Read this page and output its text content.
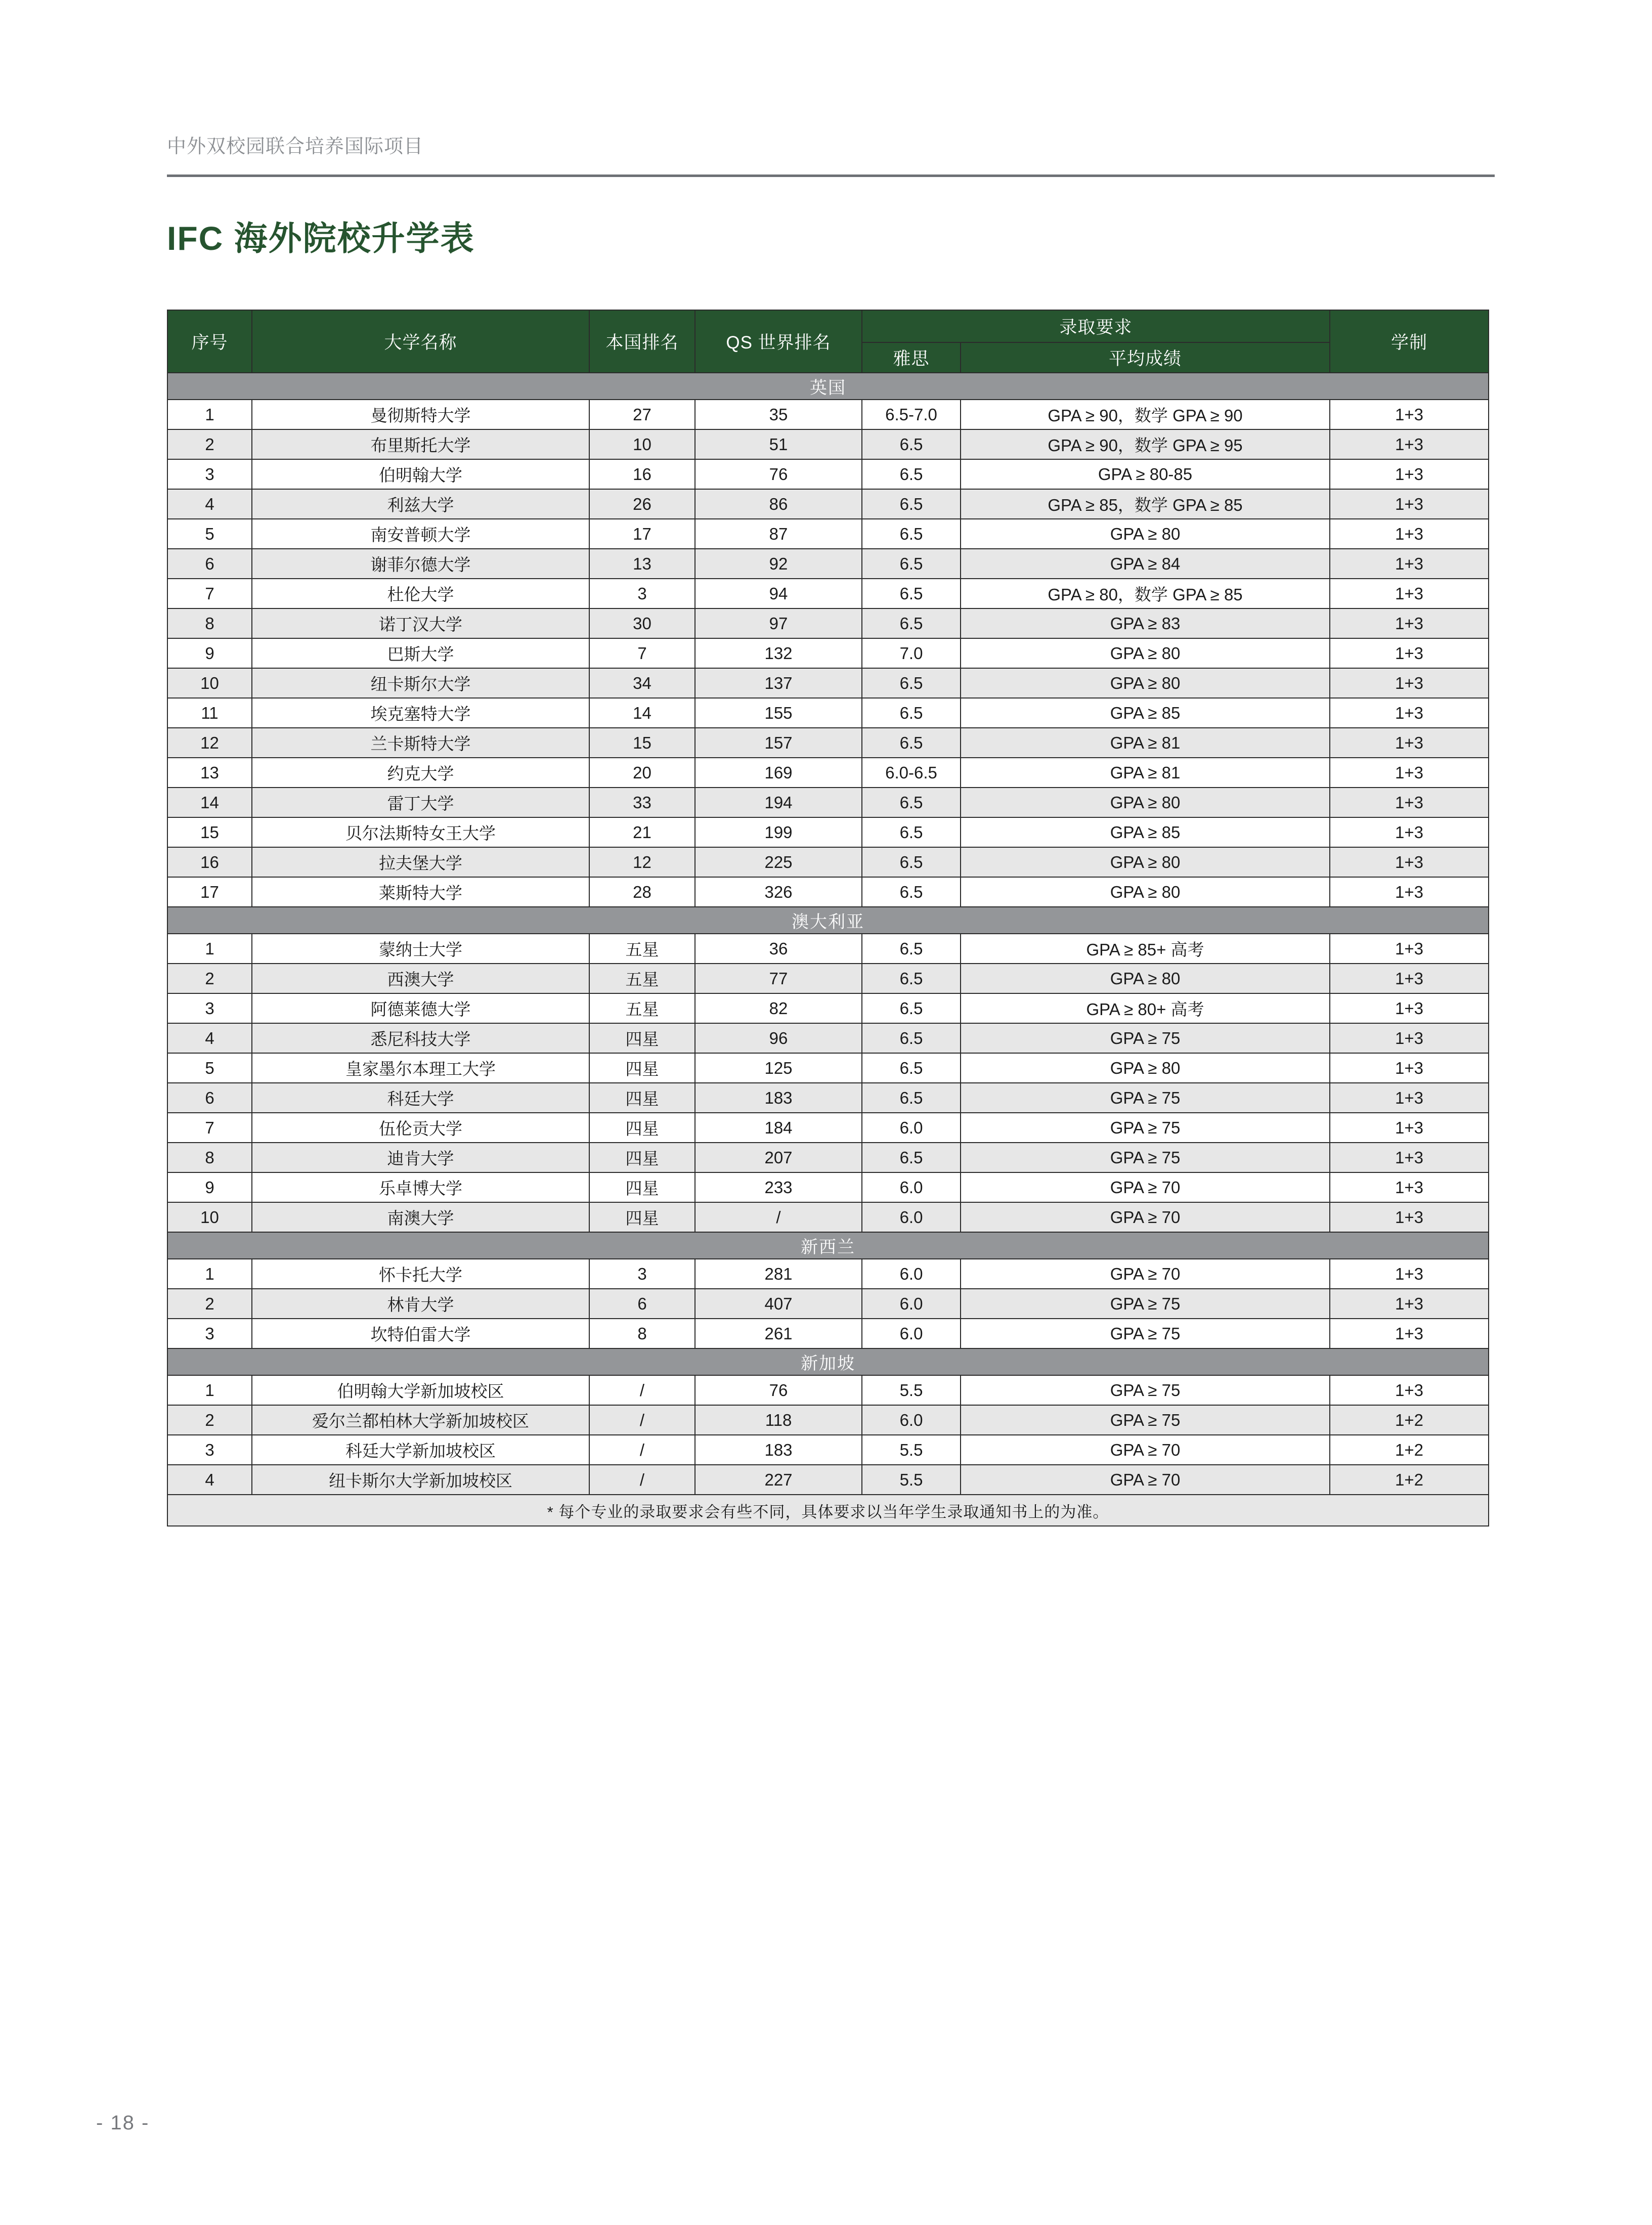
中外双校园联合培养国际项目
IFC 海外院校升学表
序号	大学名称	本国排名	QS 世界排名	录取要求		学制
				雅思	平均成绩	
英国						
1	曼彻斯特大学	27	35	6.5-7.0	GPA ≥ 90，数学 GPA ≥ 90	1+3
2	布里斯托大学	10	51	6.5	GPA ≥ 90，数学 GPA ≥ 95	1+3
3	伯明翰大学	16	76	6.5	GPA ≥ 80-85	1+3
4	利兹大学	26	86	6.5	GPA ≥ 85，数学 GPA ≥ 85	1+3
5	南安普顿大学	17	87	6.5	GPA ≥ 80	1+3
6	谢菲尔德大学	13	92	6.5	GPA ≥ 84	1+3
7	杜伦大学	3	94	6.5	GPA ≥ 80，数学 GPA ≥ 85	1+3
8	诺丁汉大学	30	97	6.5	GPA ≥ 83	1+3
9	巴斯大学	7	132	7.0	GPA ≥ 80	1+3
10	纽卡斯尔大学	34	137	6.5	GPA ≥ 80	1+3
11	埃克塞特大学	14	155	6.5	GPA ≥ 85	1+3
12	兰卡斯特大学	15	157	6.5	GPA ≥ 81	1+3
13	约克大学	20	169	6.0-6.5	GPA ≥ 81	1+3
14	雷丁大学	33	194	6.5	GPA ≥ 80	1+3
15	贝尔法斯特女王大学	21	199	6.5	GPA ≥ 85	1+3
16	拉夫堡大学	12	225	6.5	GPA ≥ 80	1+3
17	莱斯特大学	28	326	6.5	GPA ≥ 80	1+3
澳大利亚						
1	蒙纳士大学	五星	36	6.5	GPA ≥ 85+ 高考	1+3
2	西澳大学	五星	77	6.5	GPA ≥ 80	1+3
3	阿德莱德大学	五星	82	6.5	GPA ≥ 80+ 高考	1+3
4	悉尼科技大学	四星	96	6.5	GPA ≥ 75	1+3
5	皇家墨尔本理工大学	四星	125	6.5	GPA ≥ 80	1+3
6	科廷大学	四星	183	6.5	GPA ≥ 75	1+3
7	伍伦贡大学	四星	184	6.0	GPA ≥ 75	1+3
8	迪肯大学	四星	207	6.5	GPA ≥ 75	1+3
9	乐卓博大学	四星	233	6.0	GPA ≥ 70	1+3
10	南澳大学	四星	/	6.0	GPA ≥ 70	1+3
新西兰						
1	怀卡托大学	3	281	6.0	GPA ≥ 70	1+3
2	林肯大学	6	407	6.0	GPA ≥ 75	1+3
3	坎特伯雷大学	8	261	6.0	GPA ≥ 75	1+3
新加坡						
1	伯明翰大学新加坡校区	/	76	5.5	GPA ≥ 75	1+3
2	爱尔兰都柏林大学新加坡校区	/	118	6.0	GPA ≥ 75	1+2
3	科廷大学新加坡校区	/	183	5.5	GPA ≥ 70	1+2
4	纽卡斯尔大学新加坡校区	/	227	5.5	GPA ≥ 70	1+2
* 每个专业的录取要求会有些不同，具体要求以当年学生录取通知书上的为准。						
- 18 -
